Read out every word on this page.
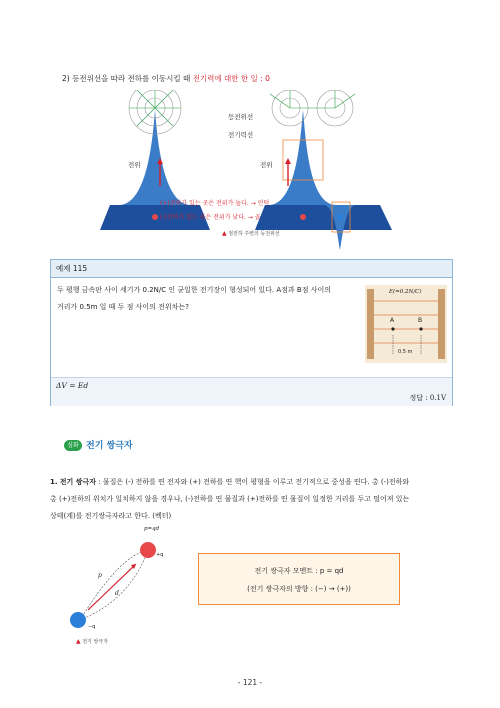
2) 등전위선을 따라 전하를 이동시킬 때 전기력에 대한 한 일 : 0
등전위선
전기력선
전위	전위
(+)전하가 있는 곳은 전위가 높다. → 언덕
(-)전하가 있는 곳은 전위가 낮다. → 골
▲ 점전하 주변의 등전위선
예제 115
두 평행 금속판 사이 세기가 0.2N/C 인 균일한 전기장이 형성되어 있다. A점과 B점 사이의
거리가 0.5m 일 때 두 점 사이의 전위차는?
E(=0.2N/C)
A	B
0.5 m
ΔV = Ed
정답 : 0.1V
심화 전기 쌍극자
1. 전기 쌍극자 : 물질은 (-) 전하를 띤 전자와 (+) 전하를 띤 핵이 평형을 이루고 전기적으로 중성을 띤다. 총 (-)전하와
총 (+)전하의 위치가 일치하지 않을 경우나, (-)전하를 띤 물질과 (+)전하를 띤 물질이 일정한 거리를 두고 떨어져 있는
상태(계)를 전기쌍극자라고 한다. (벡터)
p=qd
+q
−q
p
d
▲ 전기 쌍극자
전기 쌍극자 모멘트 : p = qd
(전기 쌍극자의 방향 : (−) → (+))
- 121 -
